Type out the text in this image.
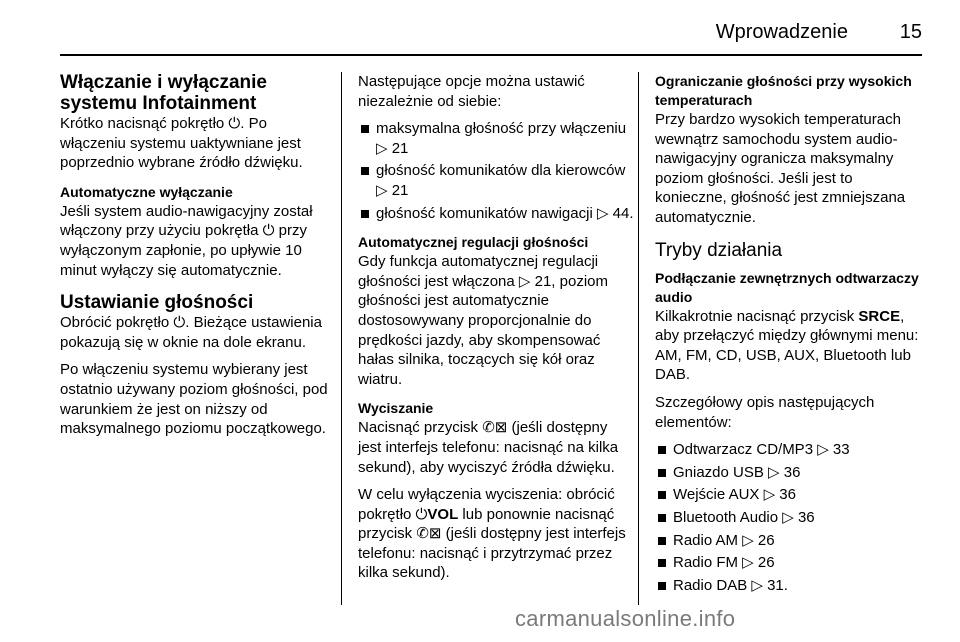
Wprowadzenie	15
Włączanie i wyłączanie systemu Infotainment
Krótko nacisnąć pokrętło ⏻. Po włączeniu systemu uaktywniane jest poprzednio wybrane źródło dźwięku.
Automatyczne wyłączanie
Jeśli system audio-nawigacyjny został włączony przy użyciu pokrętła ⏻ przy wyłączonym zapłonie, po upływie 10 minut wyłączy się automatycznie.
Ustawianie głośności
Obrócić pokrętło ⏻. Bieżące ustawienia pokazują się w oknie na dole ekranu.
Po włączeniu systemu wybierany jest ostatnio używany poziom głośności, pod warunkiem że jest on niższy od maksymalnego poziomu początkowego.
Następujące opcje można ustawić niezależnie od siebie:
maksymalna głośność przy włączeniu ▷ 21
głośność komunikatów dla kierowców ▷ 21
głośność komunikatów nawigacji ▷ 44.
Automatycznej regulacji głośności
Gdy funkcja automatycznej regulacji głośności jest włączona ▷ 21, poziom głośności jest automatycznie dostosowywany proporcjonalnie do prędkości jazdy, aby skompensować hałas silnika, toczących się kół oraz wiatru.
Wyciszanie
Nacisnąć przycisk ✆⊠ (jeśli dostępny jest interfejs telefonu: nacisnąć na kilka sekund), aby wyciszyć źródła dźwięku.
W celu wyłączenia wyciszenia: obrócić pokrętło ⏻VOL lub ponownie nacisnąć przycisk ✆⊠ (jeśli dostępny jest interfejs telefonu: nacisnąć i przytrzymać przez kilka sekund).
Ograniczanie głośności przy wysokich temperaturach
Przy bardzo wysokich temperaturach wewnątrz samochodu system audio-nawigacyjny ogranicza maksymalny poziom głośności. Jeśli jest to konieczne, głośność jest zmniejszana automatycznie.
Tryby działania
Podłączanie zewnętrznych odtwarzaczy audio
Kilkakrotnie nacisnąć przycisk SRCE, aby przełączyć między głównymi menu: AM, FM, CD, USB, AUX, Bluetooth lub DAB.
Szczegółowy opis następujących elementów:
Odtwarzacz CD/MP3 ▷ 33
Gniazdo USB ▷ 36
Wejście AUX ▷ 36
Bluetooth Audio ▷ 36
Radio AM ▷ 26
Radio FM ▷ 26
Radio DAB ▷ 31.
carmanualsonline.info
